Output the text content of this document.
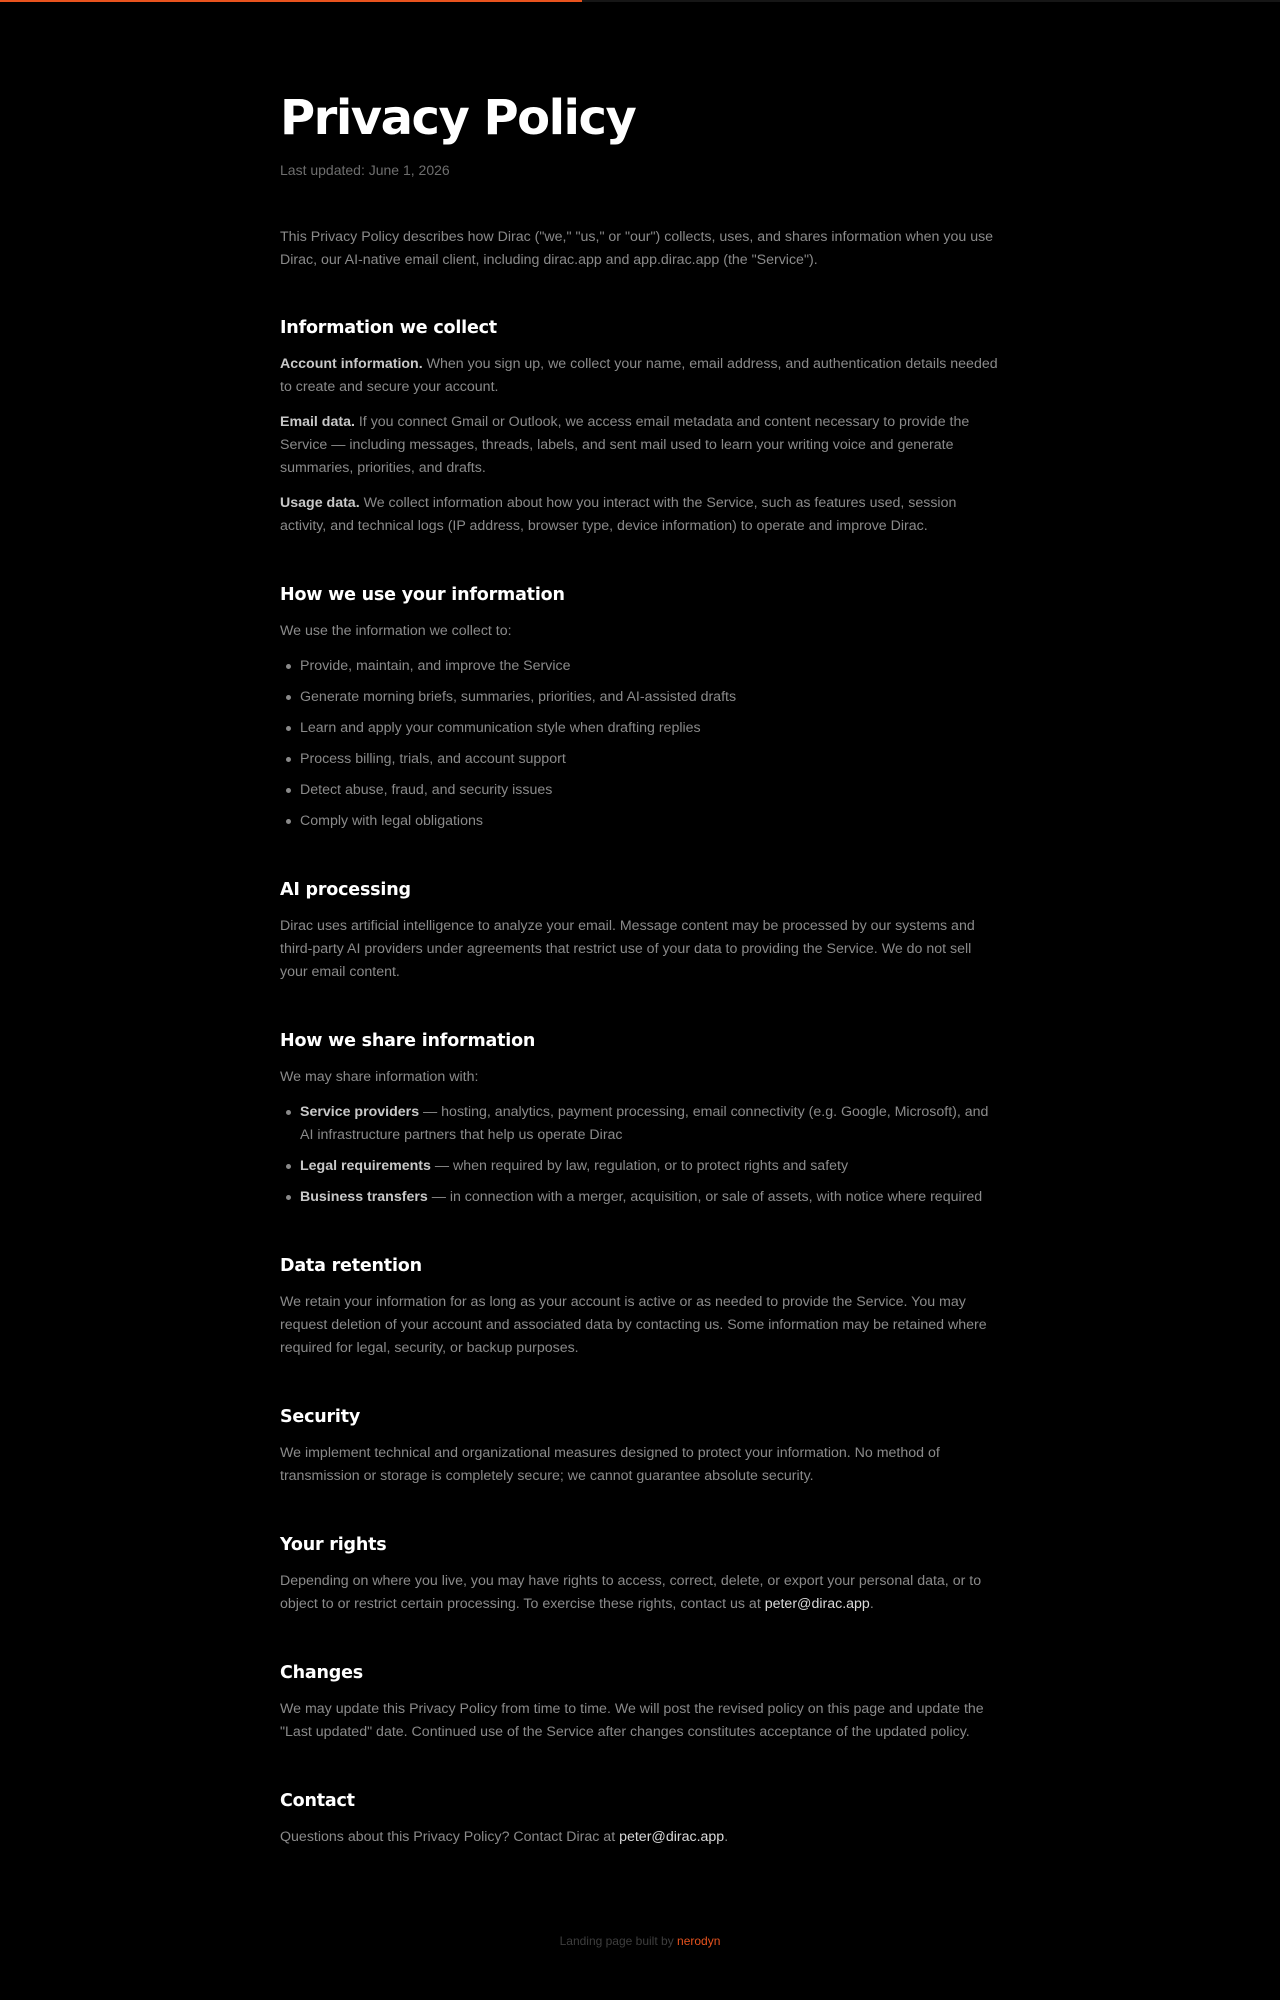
Privacy Policy
Last updated: June 1, 2026

This Privacy Policy describes how Dirac ("we," "us," or "our") collects, uses, and shares information when you use Dirac, our AI-native email client, including dirac.app and app.dirac.app (the "Service").

Information we collect

Account information. When you sign up, we collect your name, email address, and authentication details needed to create and secure your account.

Email data. If you connect Gmail or Outlook, we access email metadata and content necessary to provide the Service — including messages, threads, labels, and sent mail used to learn your writing voice and generate summaries, priorities, and drafts.

Usage data. We collect information about how you interact with the Service, such as features used, session activity, and technical logs (IP address, browser type, device information) to operate and improve Dirac.

How we use your information

We use the information we collect to:

Provide, maintain, and improve the Service
Generate morning briefs, summaries, priorities, and AI-assisted drafts
Learn and apply your communication style when drafting replies
Process billing, trials, and account support
Detect abuse, fraud, and security issues
Comply with legal obligations
AI processing

Dirac uses artificial intelligence to analyze your email. Message content may be processed by our systems and third-party AI providers under agreements that restrict use of your data to providing the Service. We do not sell your email content.

How we share information

We may share information with:

Service providers — hosting, analytics, payment processing, email connectivity (e.g. Google, Microsoft), and AI infrastructure partners that help us operate Dirac
Legal requirements — when required by law, regulation, or to protect rights and safety
Business transfers — in connection with a merger, acquisition, or sale of assets, with notice where required
Data retention

We retain your information for as long as your account is active or as needed to provide the Service. You may request deletion of your account and associated data by contacting us. Some information may be retained where required for legal, security, or backup purposes.

Security

We implement technical and organizational measures designed to protect your information. No method of transmission or storage is completely secure; we cannot guarantee absolute security.

Your rights

Depending on where you live, you may have rights to access, correct, delete, or export your personal data, or to object to or restrict certain processing. To exercise these rights, contact us at peter@dirac.app.

Changes

We may update this Privacy Policy from time to time. We will post the revised policy on this page and update the "Last updated" date. Continued use of the Service after changes constitutes acceptance of the updated policy.

Contact

Questions about this Privacy Policy? Contact Dirac at peter@dirac.app.

Landing page built by nerodyn
